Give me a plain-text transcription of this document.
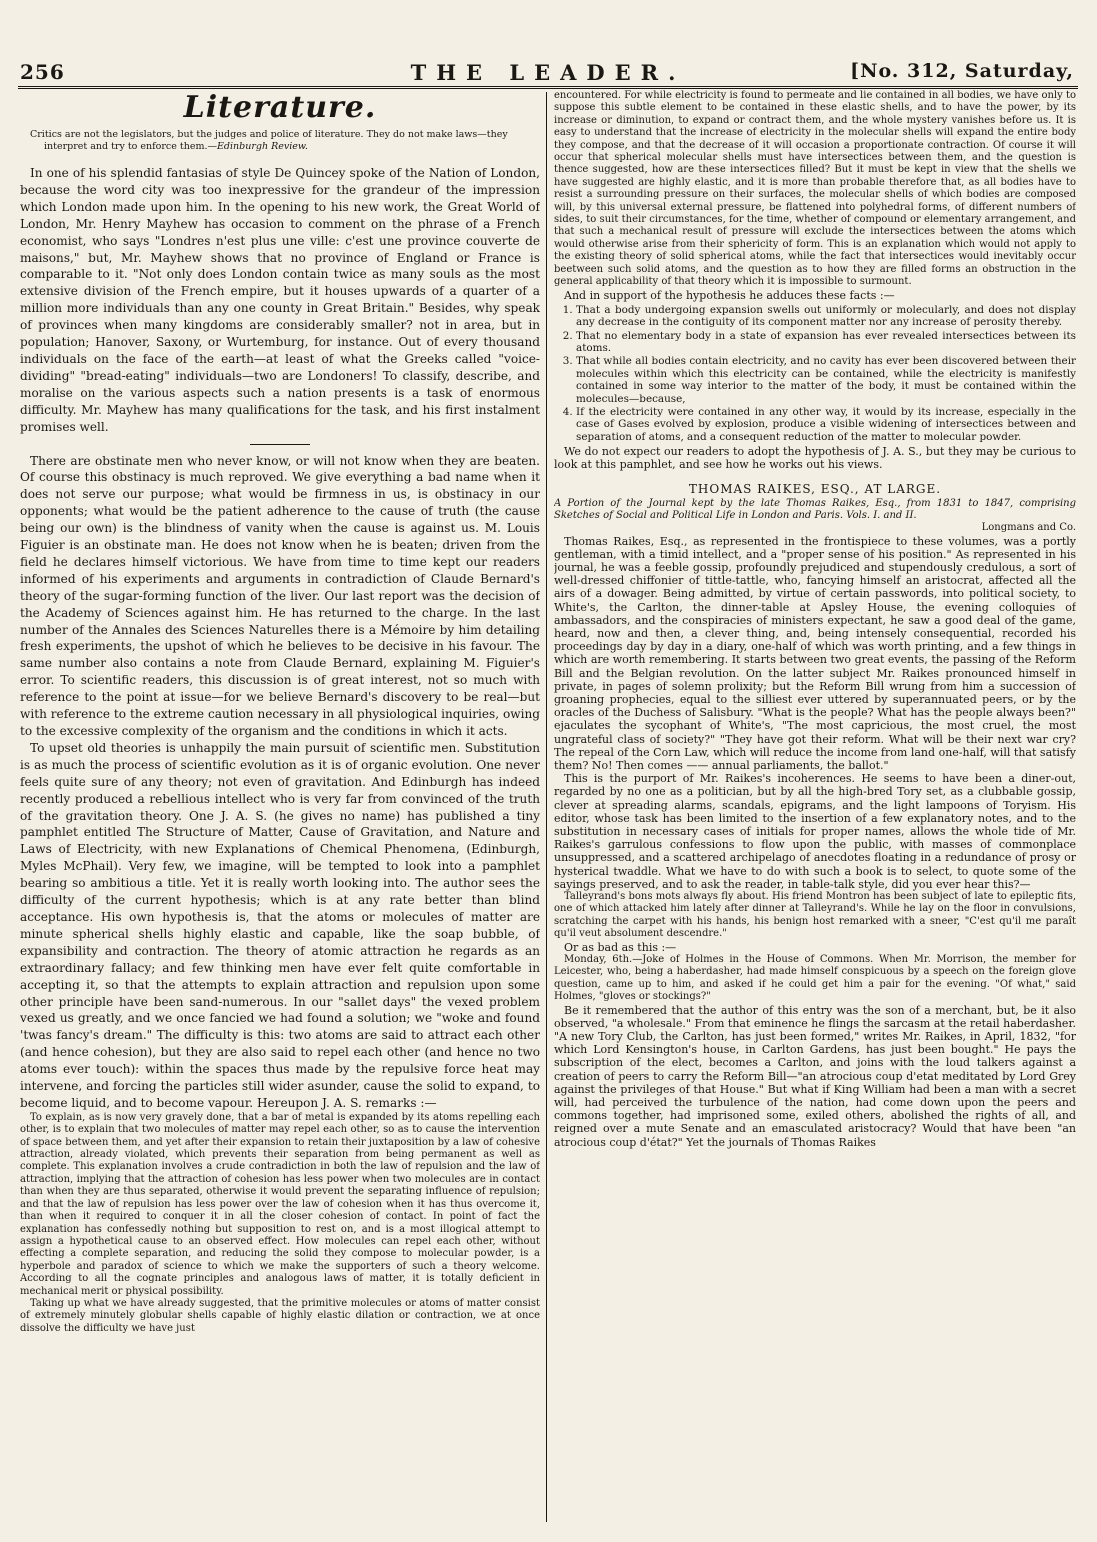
256	THE LEADER.	[No. 312, Saturday,
Literature.
Critics are not the legislators, but the judges and police of literature. They do not make laws—they interpret and try to enforce them.—Edinburgh Review.

In one of his splendid fantasias of style De Quincey spoke of the Nation of London, because the word city was too inexpressive for the grandeur of the impression which London made upon him. In the opening to his new work, the Great World of London, Mr. Henry Mayhew has occasion to comment on the phrase of a French economist, who says "Londres n'est plus une ville: c'est une province couverte de maisons," but, Mr. Mayhew shows that no province of England or France is comparable to it. "Not only does London contain twice as many souls as the most extensive division of the French empire, but it houses upwards of a quarter of a million more individuals than any one county in Great Britain." Besides, why speak of provinces when many kingdoms are considerably smaller? not in area, but in population; Hanover, Saxony, or Wurtemburg, for instance. Out of every thousand individuals on the face of the earth—at least of what the Greeks called "voice-dividing" "bread-eating" individuals—two are Londoners! To classify, describe, and moralise on the various aspects such a nation presents is a task of enormous difficulty. Mr. Mayhew has many qualifications for the task, and his first instalment promises well.

There are obstinate men who never know, or will not know when they are beaten. Of course this obstinacy is much reproved. We give everything a bad name when it does not serve our purpose; what would be firmness in us, is obstinacy in our opponents; what would be the patient adherence to the cause of truth (the cause being our own) is the blindness of vanity when the cause is against us. M. Louis Figuier is an obstinate man. He does not know when he is beaten; driven from the field he declares himself victorious. We have from time to time kept our readers informed of his experiments and arguments in contradiction of Claude Bernard's theory of the sugar-forming function of the liver. Our last report was the decision of the Academy of Sciences against him. He has returned to the charge. In the last number of the Annales des Sciences Naturelles there is a Mémoire by him detailing fresh experiments, the upshot of which he believes to be decisive in his favour. The same number also contains a note from Claude Bernard, explaining M. Figuier's error. To scientific readers, this discussion is of great interest, not so much with reference to the point at issue—for we believe Bernard's discovery to be real—but with reference to the extreme caution necessary in all physiological inquiries, owing to the excessive complexity of the organism and the conditions in which it acts.

To upset old theories is unhappily the main pursuit of scientific men. Substitution is as much the process of scientific evolution as it is of organic evolution. One never feels quite sure of any theory; not even of gravitation. And Edinburgh has indeed recently produced a rebellious intellect who is very far from convinced of the truth of the gravitation theory. One J. A. S. (he gives no name) has published a tiny pamphlet entitled The Structure of Matter, Cause of Gravitation, and Nature and Laws of Electricity, with new Explanations of Chemical Phenomena, (Edinburgh, Myles McPhail). Very few, we imagine, will be tempted to look into a pamphlet bearing so ambitious a title. Yet it is really worth looking into. The author sees the difficulty of the current hypothesis; which is at any rate better than blind acceptance. His own hypothesis is, that the atoms or molecules of matter are minute spherical shells highly elastic and capable, like the soap bubble, of expansibility and contraction. The theory of atomic attraction he regards as an extraordinary fallacy; and few thinking men have ever felt quite comfortable in accepting it, so that the attempts to explain attraction and repulsion upon some other principle have been sand-numerous. In our "sallet days" the vexed problem vexed us greatly, and we once fancied we had found a solution; we "woke and found 'twas fancy's dream." The difficulty is this: two atoms are said to attract each other (and hence cohesion), but they are also said to repel each other (and hence no two atoms ever touch): within the spaces thus made by the repulsive force heat may intervene, and forcing the particles still wider asunder, cause the solid to expand, to become liquid, and to become vapour. Hereupon J. A. S. remarks :—

To explain, as is now very gravely done, that a bar of metal is expanded by its atoms repelling each other, is to explain that two molecules of matter may repel each other, so as to cause the intervention of space between them, and yet after their expansion to retain their juxtaposition by a law of cohesive attraction, already violated, which prevents their separation from being permanent as well as complete. This explanation involves a crude contradiction in both the law of repulsion and the law of attraction, implying that the attraction of cohesion has less power when two molecules are in contact than when they are thus separated, otherwise it would prevent the separating influence of repulsion; and that the law of repulsion has less power over the law of cohesion when it has thus overcome it, than when it required to conquer it in all the closer cohesion of contact. In point of fact the explanation has confessedly nothing but supposition to rest on, and is a most illogical attempt to assign a hypothetical cause to an observed effect. How molecules can repel each other, without effecting a complete separation, and reducing the solid they compose to molecular powder, is a hyperbole and paradox of science to which we make the supporters of such a theory welcome. According to all the cognate principles and analogous laws of matter, it is totally deficient in mechanical merit or physical possibility.

Taking up what we have already suggested, that the primitive molecules or atoms of matter consist of extremely minutely globular shells capable of highly elastic dilation or contraction, we at once dissolve the difficulty we have just

encountered. For while electricity is found to permeate and lie contained in all bodies, we have only to suppose this subtle element to be contained in these elastic shells, and to have the power, by its increase or diminution, to expand or contract them, and the whole mystery vanishes before us. It is easy to understand that the increase of electricity in the molecular shells will expand the entire body they compose, and that the decrease of it will occasion a proportionate contraction. Of course it will occur that spherical molecular shells must have intersectices between them, and the question is thence suggested, how are these intersectices filled? But it must be kept in view that the shells we have suggested are highly elastic, and it is more than probable therefore that, as all bodies have to resist a surrounding pressure on their surfaces, the molecular shells of which bodies are composed will, by this universal external pressure, be flattened into polyhedral forms, of different numbers of sides, to suit their circumstances, for the time, whether of compound or elementary arrangement, and that such a mechanical result of pressure will exclude the intersectices between the atoms which would otherwise arise from their sphericity of form. This is an explanation which would not apply to the existing theory of solid spherical atoms, while the fact that intersectices would inevitably occur beetween such solid atoms, and the question as to how they are filled forms an obstruction in the general applicability of that theory which it is impossible to surmount.

And in support of the hypothesis he adduces these facts :—

1. That a body undergoing expansion swells out uniformly or molecularly, and does not display any decrease in the contiguity of its component matter nor any increase of perosity thereby.
2. That no elementary body in a state of expansion has ever revealed intersectices between its atoms.
3. That while all bodies contain electricity, and no cavity has ever been discovered between their molecules within which this electricity can be contained, while the electricity is manifestly contained in some way interior to the matter of the body, it must be contained within the molecules—because,
4. If the electricity were contained in any other way, it would by its increase, especially in the case of Gases evolved by explosion, produce a visible widening of intersectices between and separation of atoms, and a consequent reduction of the matter to molecular powder.

We do not expect our readers to adopt the hypothesis of J. A. S., but they may be curious to look at this pamphlet, and see how he works out his views.

THOMAS RAIKES, ESQ., AT LARGE.
A Portion of the Journal kept by the late Thomas Raikes, Esq., from 1831 to 1847, comprising Sketches of Social and Political Life in London and Paris. Vols. I. and II.
Longmans and Co.

Thomas Raikes, Esq., as represented in the frontispiece to these volumes, was a portly gentleman, with a timid intellect, and a "proper sense of his position." As represented in his journal, he was a feeble gossip, profoundly prejudiced and stupendously credulous, a sort of well-dressed chiffonier of tittle-tattle, who, fancying himself an aristocrat, affected all the airs of a dowager. Being admitted, by virtue of certain passwords, into political society, to White's, the Carlton, the dinner-table at Apsley House, the evening colloquies of ambassadors, and the conspiracies of ministers expectant, he saw a good deal of the game, heard, now and then, a clever thing, and, being intensely consequential, recorded his proceedings day by day in a diary, one-half of which was worth printing, and a few things in which are worth remembering. It starts between two great events, the passing of the Reform Bill and the Belgian revolution. On the latter subject Mr. Raikes pronounced himself in private, in pages of solemn prolixity; but the Reform Bill wrung from him a succession of groaning prophecies, equal to the silliest ever uttered by superannuated peers, or by the oracles of the Duchess of Salisbury. "What is the people? What has the people always been?" ejaculates the sycophant of White's, "The most capricious, the most cruel, the most ungrateful class of society?" "They have got their reform. What will be their next war cry? The repeal of the Corn Law, which will reduce the income from land one-half, will that satisfy them? No! Then comes —— annual parliaments, the ballot."

This is the purport of Mr. Raikes's incoherences. He seems to have been a diner-out, regarded by no one as a politician, but by all the high-bred Tory set, as a clubbable gossip, clever at spreading alarms, scandals, epigrams, and the light lampoons of Toryism. His editor, whose task has been limited to the insertion of a few explanatory notes, and to the substitution in necessary cases of initials for proper names, allows the whole tide of Mr. Raikes's garrulous confessions to flow upon the public, with masses of commonplace unsuppressed, and a scattered archipelago of anecdotes floating in a redundance of prosy or hysterical twaddle. What we have to do with such a book is to select, to quote some of the sayings preserved, and to ask the reader, in table-talk style, did you ever hear this?—

Talleyrand's bons mots always fly about. His friend Montron has been subject of late to epileptic fits, one of which attacked him lately after dinner at Talleyrand's. While he lay on the floor in convulsions, scratching the carpet with his hands, his benign host remarked with a sneer, "C'est qu'il me paraît qu'il veut absolument descendre."

Or as bad as this :—

Monday, 6th.—Joke of Holmes in the House of Commons. When Mr. Morrison, the member for Leicester, who, being a haberdasher, had made himself conspicuous by a speech on the foreign glove question, came up to him, and asked if he could get him a pair for the evening. "Of what," said Holmes, "gloves or stockings?"

Be it remembered that the author of this entry was the son of a merchant, but, be it also observed, "a wholesale." From that eminence he flings the sarcasm at the retail haberdasher. "A new Tory Club, the Carlton, has just been formed," writes Mr. Raikes, in April, 1832, "for which Lord Kensington's house, in Carlton Gardens, has just been bought." He pays the subscription of the elect, becomes a Carlton, and joins with the loud talkers against a creation of peers to carry the Reform Bill—"an atrocious coup d'etat meditated by Lord Grey against the privileges of that House." But what if King William had been a man with a secret will, had perceived the turbulence of the nation, had come down upon the peers and commons together, had imprisoned some, exiled others, abolished the rights of all, and reigned over a mute Senate and an emasculated aristocracy? Would that have been "an atrocious coup d'état?" Yet the journals of Thomas Raikes
